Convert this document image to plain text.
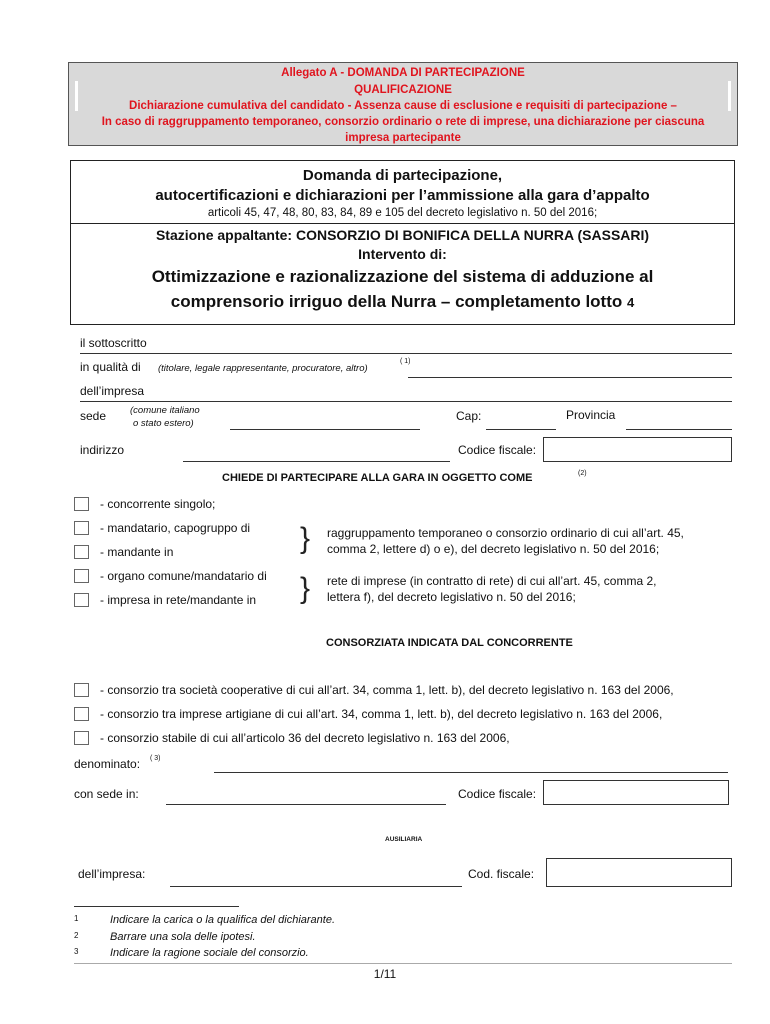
Allegato A - DOMANDA DI PARTECIPAZIONE
QUALIFICAZIONE
Dichiarazione cumulativa del candidato - Assenza cause di esclusione e requisiti di partecipazione –
In caso di raggruppamento temporaneo, consorzio ordinario o rete di imprese, una dichiarazione per ciascuna
impresa partecipante
Domanda di partecipazione,
autocertificazioni e dichiarazioni per l’ammissione alla gara d’appalto
articoli 45, 47, 48, 80, 83, 84, 89 e 105 del decreto legislativo n. 50 del 2016;
Stazione appaltante: CONSORZIO DI BONIFICA DELLA NURRA (SASSARI)
Intervento di:
Ottimizzazione e razionalizzazione del sistema di adduzione al
comprensorio irriguo della Nurra – completamento lotto 4
il sottoscritto
in qualità di (titolare, legale rappresentante, procuratore, altro)
( 1)
dell’impresa
sede	(comune italiano
o stato estero)
Cap:	Provincia
indirizzo	Codice fiscale:
CHIEDE DI PARTECIPARE ALLA GARA IN OGGETTO COME	(2)
- concorrente singolo;
- mandatario, capogruppo di
- mandante in	} raggruppamento temporaneo o consorzio ordinario di cui all’art. 45,
comma 2, lettere d) o e), del decreto legislativo n. 50 del 2016;
- organo comune/mandatario di
- impresa in rete/mandante in } rete di imprese (in contratto di rete) di cui all’art. 45, comma 2,
lettera f), del decreto legislativo n. 50 del 2016;
CONSORZIATA INDICATA DAL CONCORRENTE
- consorzio tra società cooperative di cui all’art. 34, comma 1, lett. b), del decreto legislativo n. 163 del 2006,
- consorzio tra imprese artigiane di cui all’art. 34, comma 1, lett. b), del decreto legislativo n. 163 del 2006,
- consorzio stabile di cui all’articolo 36 del decreto legislativo n. 163 del 2006,
denominato: ( 3)
con sede in:	Codice fiscale:
AUSILIARIA
dell’impresa:	Cod. fiscale:
1	Indicare la carica o la qualifica del dichiarante.
2	Barrare una sola delle ipotesi.
3	Indicare la ragione sociale del consorzio.
1/11
